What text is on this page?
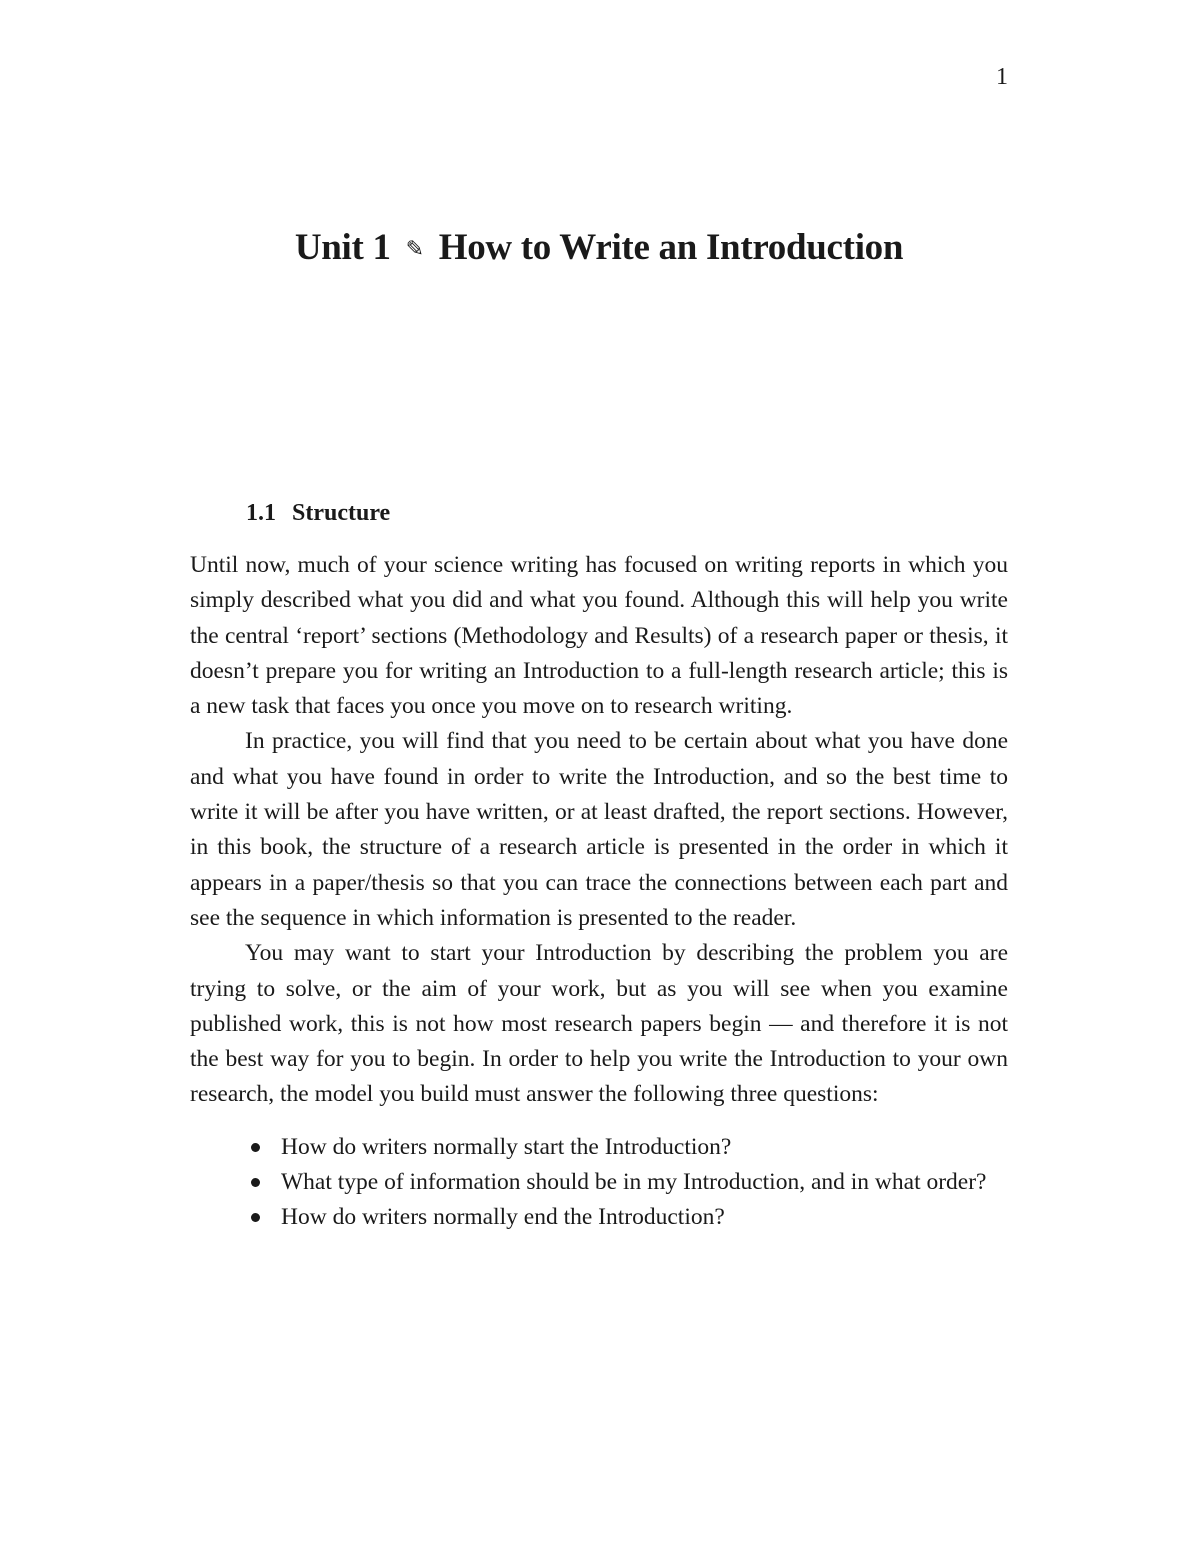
1
Unit 1 ✎ How to Write an Introduction
1.1 Structure

Until now, much of your science writing has focused on writing reports in which you simply described what you did and what you found. Although this will help you write the central ‘report’ sections (Methodology and Results) of a research paper or thesis, it doesn’t prepare you for writing an Introduction to a full-length research article; this is a new task that faces you once you move on to research writing.

In practice, you will find that you need to be certain about what you have done and what you have found in order to write the Introduction, and so the best time to write it will be after you have written, or at least drafted, the report sections. However, in this book, the structure of a research article is presented in the order in which it appears in a paper/thesis so that you can trace the connections between each part and see the sequence in which information is presented to the reader.

You may want to start your Introduction by describing the problem you are trying to solve, or the aim of your work, but as you will see when you examine published work, this is not how most research papers begin — and therefore it is not the best way for you to begin. In order to help you write the Introduction to your own research, the model you build must answer the following three questions:

How do writers normally start the Introduction?
What type of information should be in my Introduction, and in what order?
How do writers normally end the Introduction?
